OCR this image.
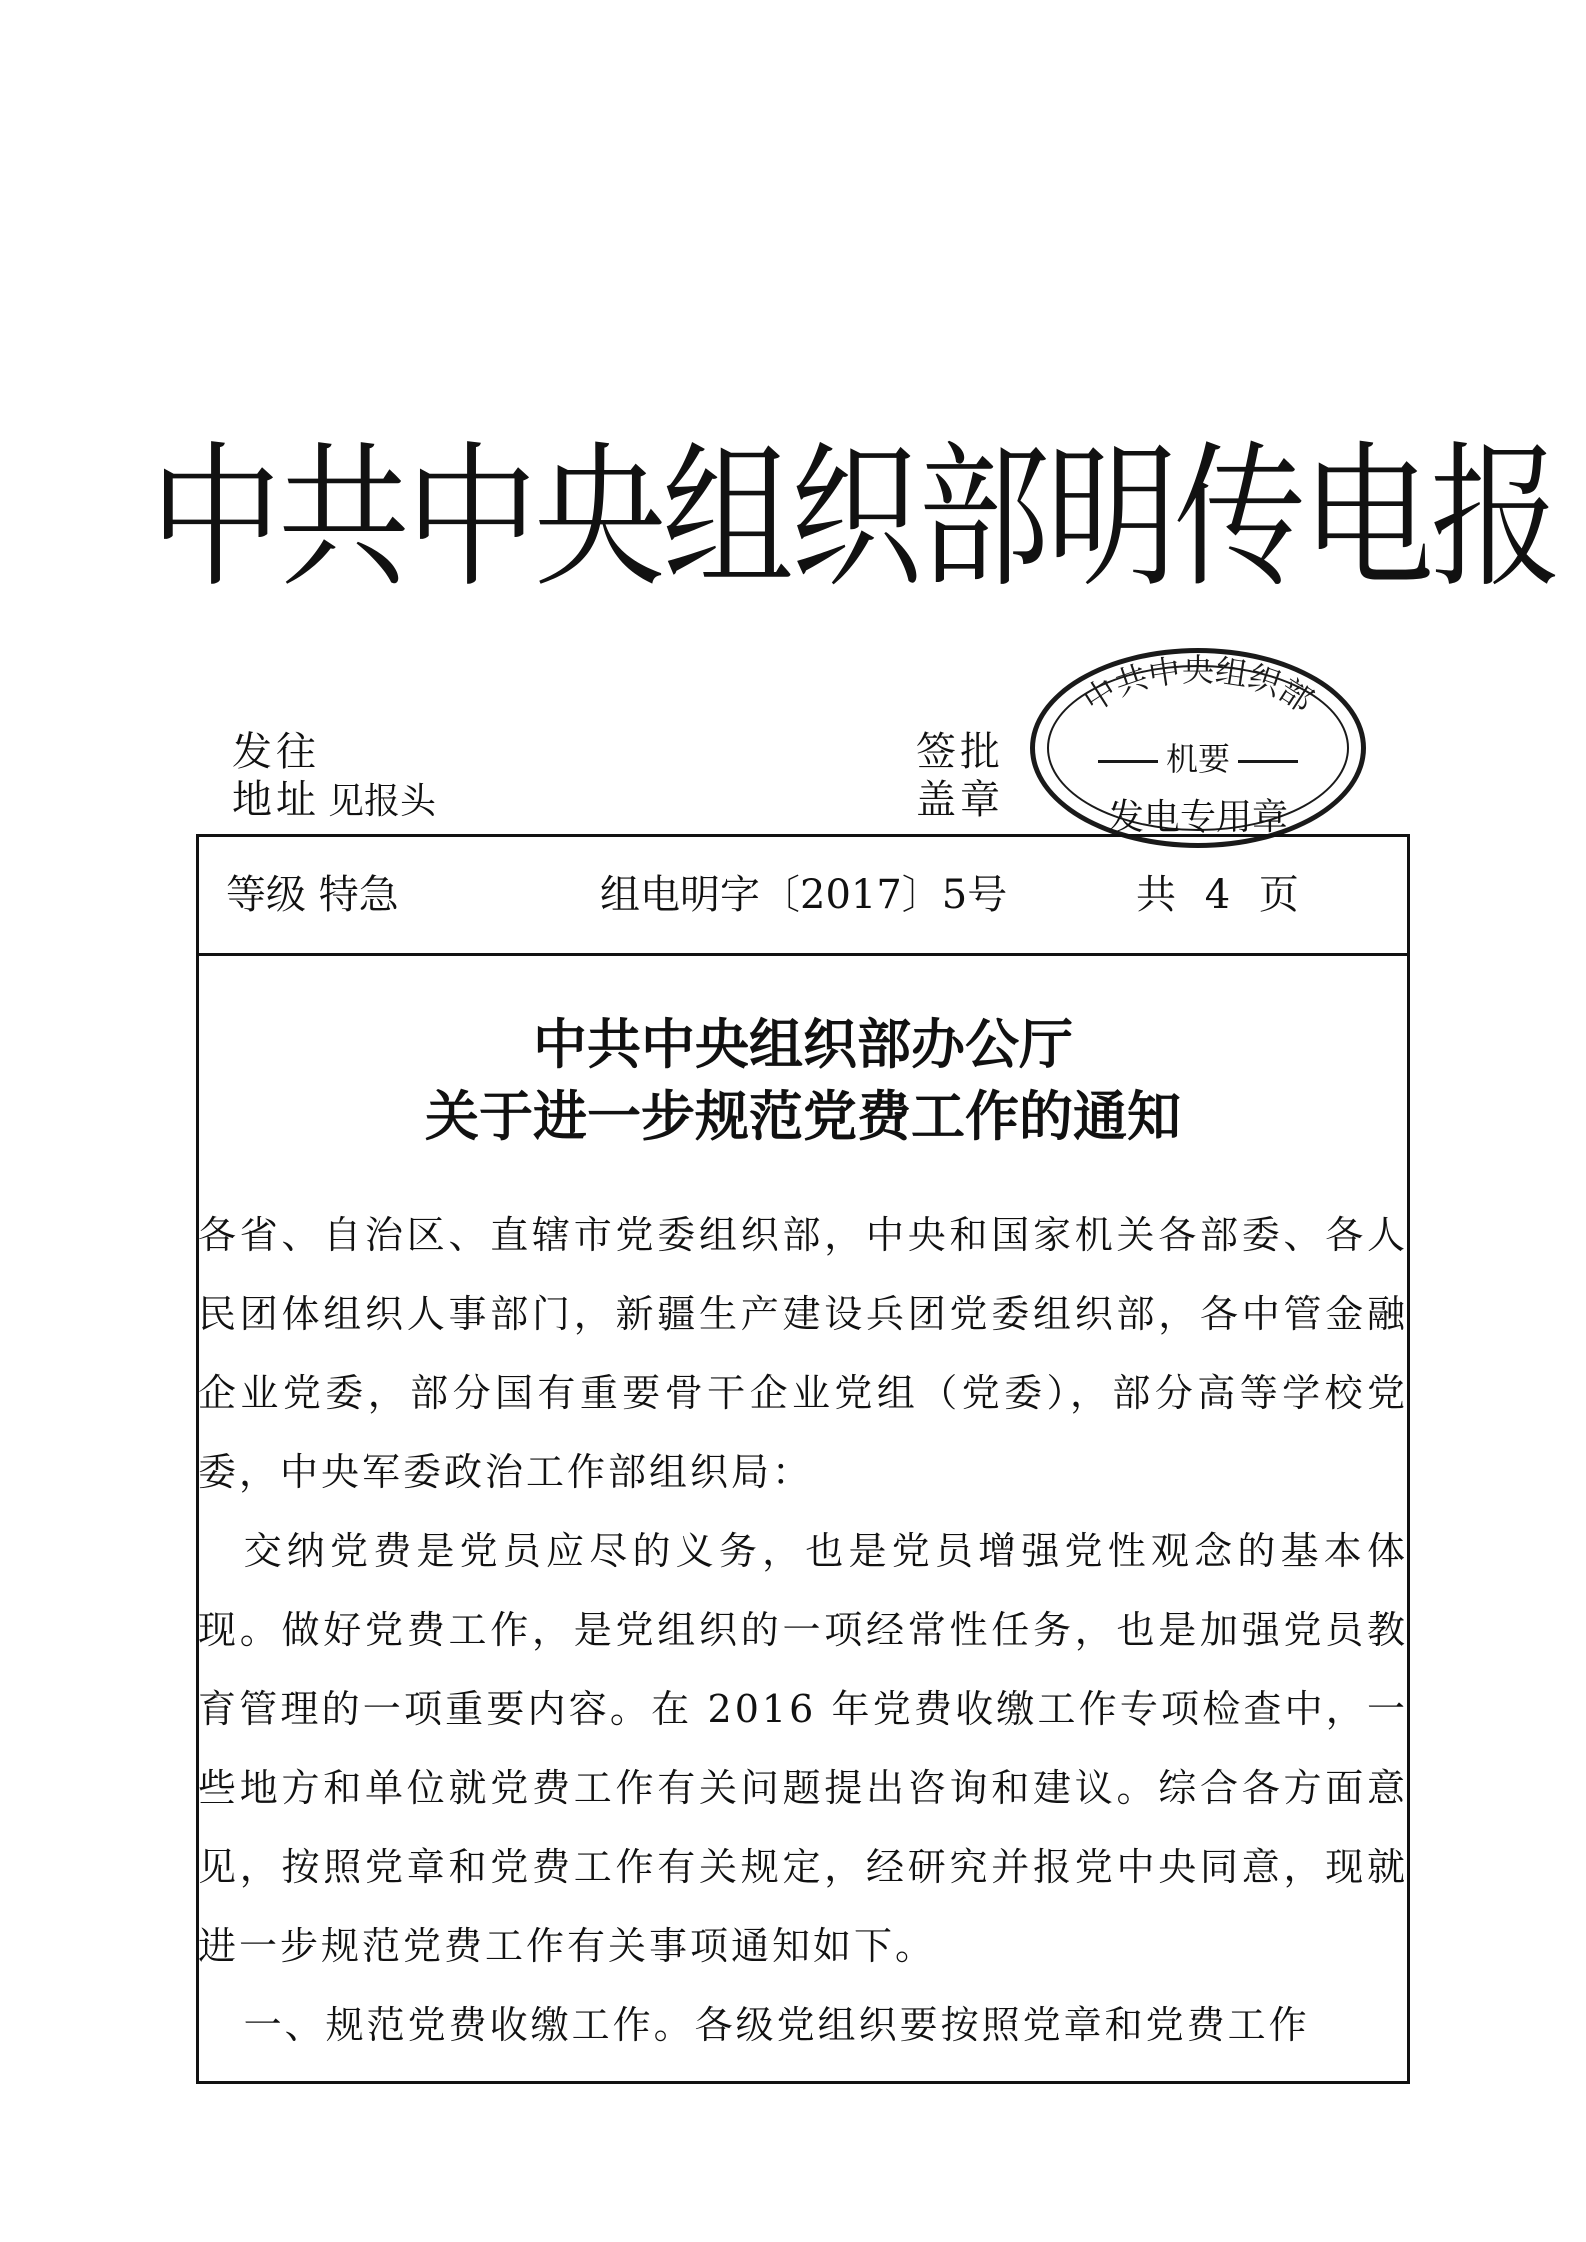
中共中央组织部明传电报
发往
地址 见报头
签批
盖章
中共中央组织部
机要
发电专用章
等级 特急	组电明字〔2017〕5号	共 4 页
中共中央组织部办公厅
关于进一步规范党费工作的通知

各省、自治区、直辖市党委组织部，中央和国家机关各部委、各人民团体组织人事部门，新疆生产建设兵团党委组织部，各中管金融企业党委，部分国有重要骨干企业党组（党委），部分高等学校党委，中央军委政治工作部组织局：

交纳党费是党员应尽的义务，也是党员增强党性观念的基本体现。做好党费工作，是党组织的一项经常性任务，也是加强党员教育管理的一项重要内容。在 2016 年党费收缴工作专项检查中，一些地方和单位就党费工作有关问题提出咨询和建议。综合各方面意见，按照党章和党费工作有关规定，经研究并报党中央同意，现就进一步规范党费工作有关事项通知如下。

一、规范党费收缴工作。各级党组织要按照党章和党费工作
